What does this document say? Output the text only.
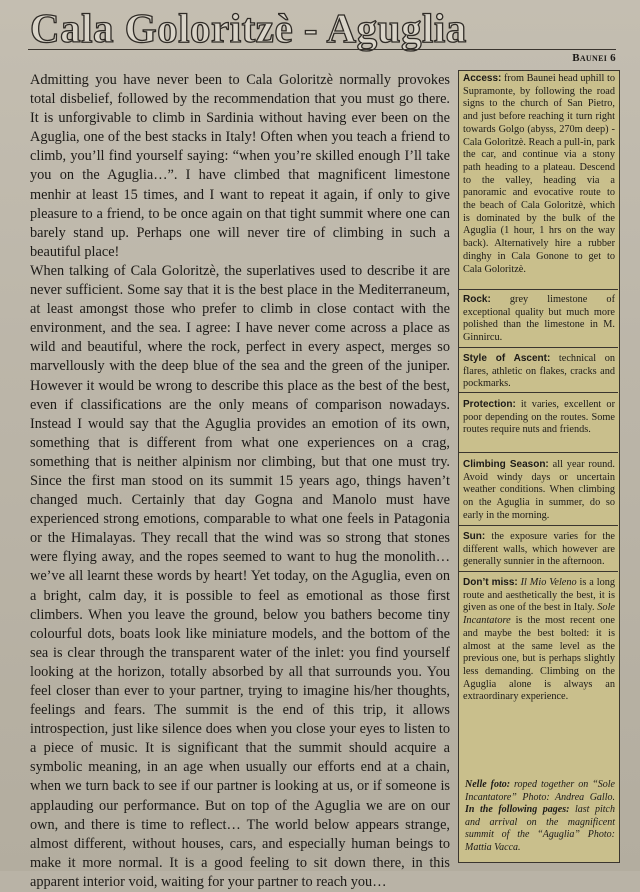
Cala Goloritzè - Aguglia
Baunei 6

Admitting you have never been to Cala Goloritzè normally provokes total disbelief, followed by the recommendation that you must go there. It is unforgivable to climb in Sardinia without having ever been on the Aguglia, one of the best stacks in Italy! Often when you teach a friend to climb, you’ll find yourself saying: “when you’re skilled enough I’ll take you on the Aguglia…”. I have climbed that magnificent limestone menhir at least 15 times, and I want to repeat it again, if only to give pleasure to a friend, to be once again on that tight summit where one can barely stand up. Perhaps one will never tire of climbing in such a beautiful place!

When talking of Cala Goloritzè, the superlatives used to describe it are never sufficient. Some say that it is the best place in the Mediterraneum, at least amongst those who prefer to climb in close contact with the environment, and the sea. I agree: I have never come across a place as wild and beautiful, where the rock, perfect in every aspect, merges so marvellously with the deep blue of the sea and the green of the juniper. However it would be wrong to describe this place as the best of the best, even if classifications are the only means of comparison nowadays. Instead I would say that the Aguglia provides an emotion of its own, something that is different from what one experiences on a crag, something that is neither alpinism nor climbing, but that one must try. Since the first man stood on its summit 15 years ago, things haven’t changed much. Certainly that day Gogna and Manolo must have experienced strong emotions, comparable to what one feels in Patagonia or the Himalayas. They recall that the wind was so strong that stones were flying away, and the ropes seemed to want to hug the monolith… we’ve all learnt these words by heart! Yet today, on the Aguglia, even on a bright, calm day, it is possible to feel as emotional as those first climbers. When you leave the ground, below you bathers become tiny colourful dots, boats look like miniature models, and the bottom of the sea is clear through the transparent water of the inlet: you find yourself looking at the horizon, totally absorbed by all that surrounds you. You feel closer than ever to your partner, trying to imagine his/her thoughts, feelings and fears. The summit is the end of this trip, it allows introspection, just like silence does when you close your eyes to listen to a piece of music. It is significant that the summit should acquire a symbolic meaning, in an age when usually our efforts end at a chain, when we turn back to see if our partner is looking at us, or if someone is applauding our performance. But on top of the Aguglia we are on our own, and there is time to reflect… The world below appears strange, almost different, without houses, cars, and especially human beings to make it more normal. It is a good feeling to sit down there, in this apparent interior void, waiting for your partner to reach you…

Access: from Baunei head uphill to Supramonte, by following the road signs to the church of San Pietro, and just before reaching it turn right towards Golgo (abyss, 270m deep) - Cala Goloritzè. Reach a pull-in, park the car, and continue via a stony path heading to a plateau. Descend to the valley, heading via a panoramic and evocative route to the beach of Cala Goloritzè, which is dominated by the bulk of the Aguglia (1 hour, 1 hrs on the way back). Alternatively hire a rubber dinghy in Cala Gonone to get to Cala Goloritzè.
Rock: grey limestone of exceptional quality but much more polished than the limestone in M. Ginnircu.
Style of Ascent: technical on flares, athletic on flakes, cracks and pockmarks.
Protection: it varies, excellent or poor depending on the routes. Some routes require nuts and friends.
Climbing Season: all year round. Avoid windy days or uncertain weather conditions. When climbing on the Aguglia in summer, do so early in the morning.
Sun: the exposure varies for the different walls, which however are generally sunnier in the afternoon.
Don’t miss: Il Mio Veleno is a long route and aesthetically the best, it is given as one of the best in Italy. Sole Incantatore is the most recent one and maybe the best bolted: it is almost at the same level as the previous one, but is perhaps slightly less demanding. Climbing on the Aguglia alone is always an extraordinary experience.
Nelle foto: roped together on “Sole Incantatore” Photo: Andrea Gallo. In the following pages: last pitch and arrival on the magnificent summit of the “Aguglia” Photo: Mattia Vacca.
